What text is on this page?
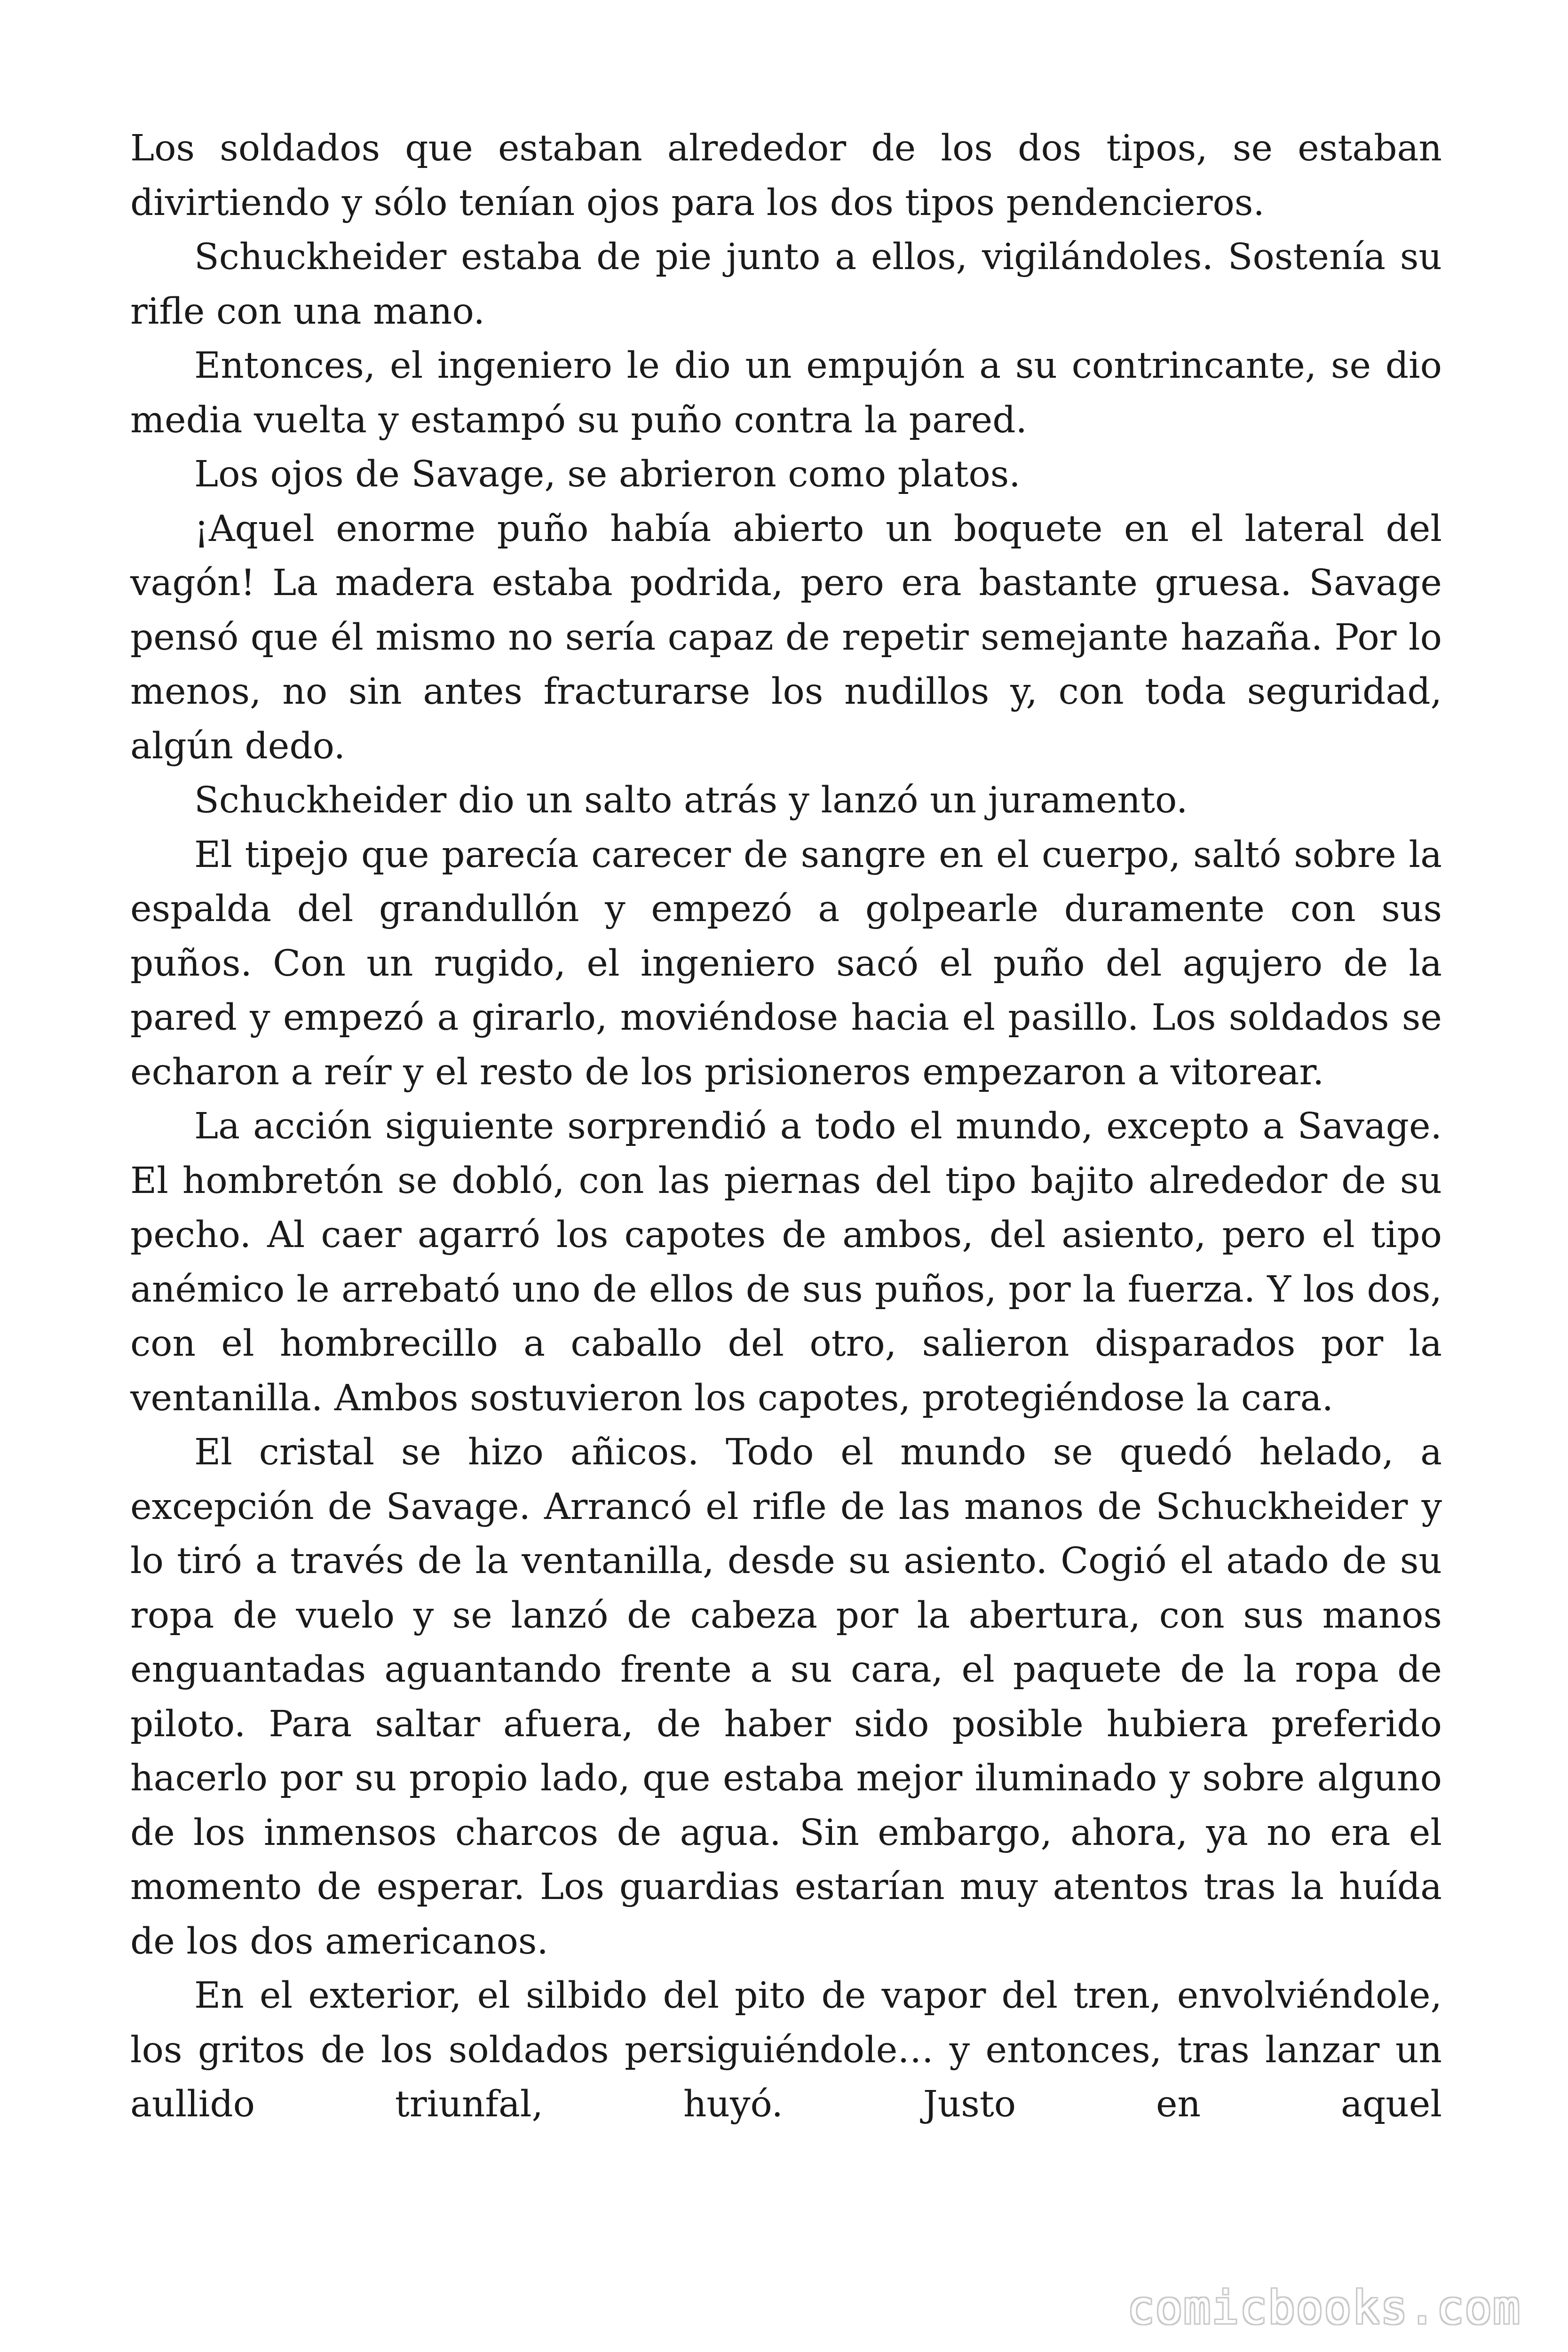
Los soldados que estaban alrededor de los dos tipos, se estaban divirtiendo y sólo tenían ojos para los dos tipos pendencieros.

Schuckheider estaba de pie junto a ellos, vigilándoles. Sostenía su rifle con una mano.

Entonces, el ingeniero le dio un empujón a su contrincante, se dio media vuelta y estampó su puño contra la pared.

Los ojos de Savage, se abrieron como platos.

¡Aquel enorme puño había abierto un boquete en el lateral del vagón! La madera estaba podrida, pero era bastante gruesa. Savage pensó que él mismo no sería capaz de repetir semejante hazaña. Por lo menos, no sin antes fracturarse los nudillos y, con toda seguridad, algún dedo.

Schuckheider dio un salto atrás y lanzó un juramento.

El tipejo que parecía carecer de sangre en el cuerpo, saltó sobre la espalda del grandullón y empezó a golpearle duramente con sus puños. Con un rugido, el ingeniero sacó el puño del agujero de la pared y empezó a girarlo, moviéndose hacia el pasillo. Los soldados se echaron a reír y el resto de los prisioneros empezaron a vitorear.

La acción siguiente sorprendió a todo el mundo, excepto a Savage. El hombretón se dobló, con las piernas del tipo bajito alrededor de su pecho. Al caer agarró los capotes de ambos, del asiento, pero el tipo anémico le arrebató uno de ellos de sus puños, por la fuerza. Y los dos, con el hombrecillo a caballo del otro, salieron disparados por la ventanilla. Ambos sostuvieron los capotes, protegiéndose la cara.

El cristal se hizo añicos. Todo el mundo se quedó helado, a excepción de Savage. Arrancó el rifle de las manos de Schuckheider y lo tiró a través de la ventanilla, desde su asiento. Cogió el atado de su ropa de vuelo y se lanzó de cabeza por la abertura, con sus manos enguantadas aguantando frente a su cara, el paquete de la ropa de piloto. Para saltar afuera, de haber sido posible hubiera preferido hacerlo por su propio lado, que estaba mejor iluminado y sobre alguno de los inmensos charcos de agua. Sin embargo, ahora, ya no era el momento de esperar. Los guardias estarían muy atentos tras la huída de los dos americanos.

En el exterior, el silbido del pito de vapor del tren, envolviéndole, los gritos de los soldados persiguiéndole… y entonces, tras lanzar un aullido triunfal, huyó. Justo en aquel

comicbooks.com
